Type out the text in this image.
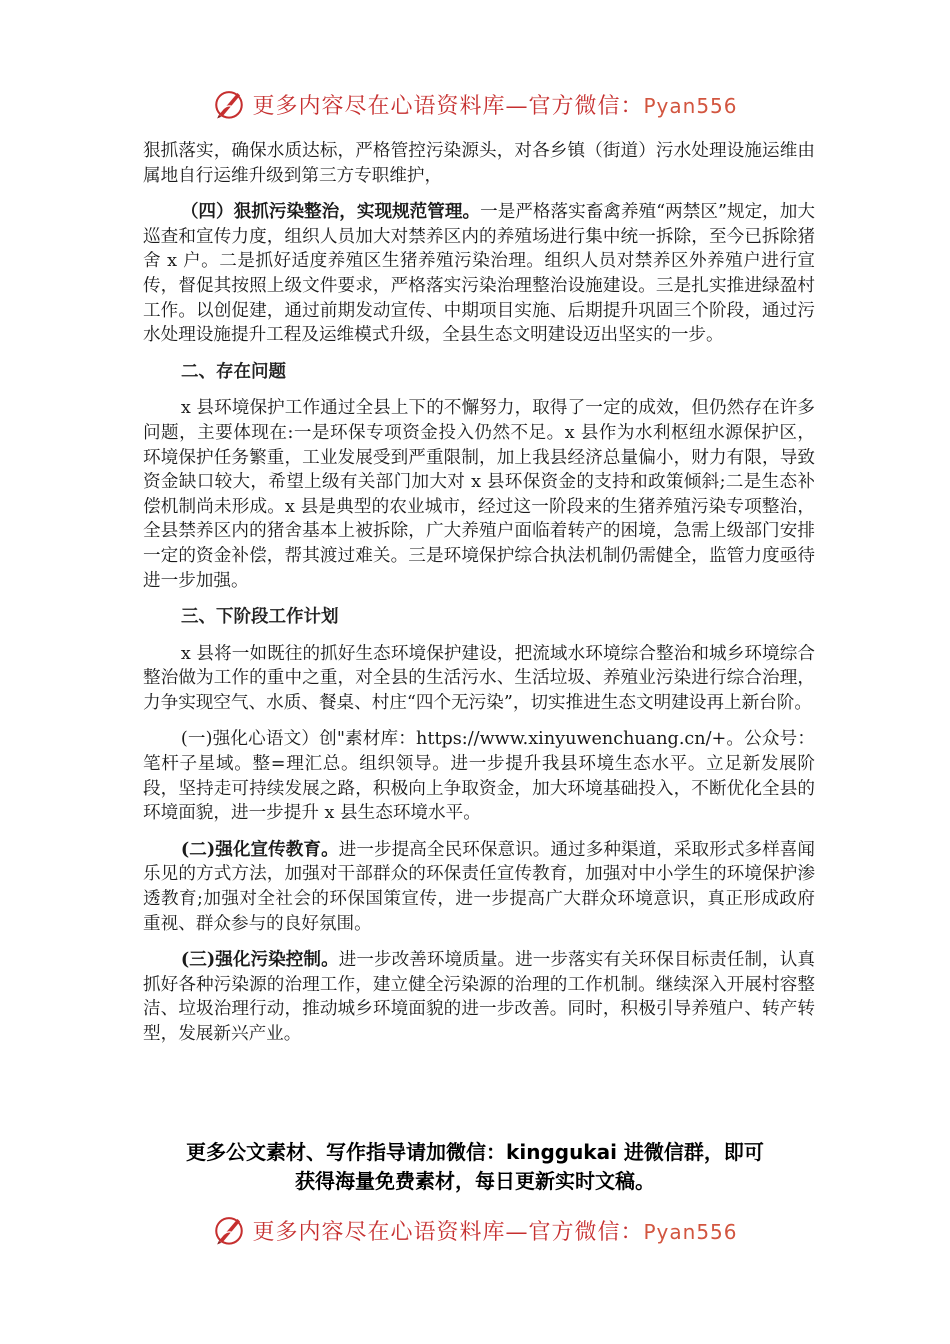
更多内容尽在心语资料库—官方微信：Pyan556

狠抓落实，确保水质达标，严格管控污染源头，对各乡镇（街道）污水处理设施运维由属地自行运维升级到第三方专职维护，

（四）狠抓污染整治，实现规范管理。一是严格落实畜禽养殖“两禁区”规定，加大巡查和宣传力度，组织人员加大对禁养区内的养殖场进行集中统一拆除，至今已拆除猪舍 x 户。二是抓好适度养殖区生猪养殖污染治理。组织人员对禁养区外养殖户进行宣传，督促其按照上级文件要求，严格落实污染治理整治设施建设。三是扎实推进绿盈村工作。以创促建，通过前期发动宣传、中期项目实施、后期提升巩固三个阶段，通过污水处理设施提升工程及运维模式升级，全县生态文明建设迈出坚实的一步。

二、存在问题

x 县环境保护工作通过全县上下的不懈努力，取得了一定的成效，但仍然存在许多问题，主要体现在:一是环保专项资金投入仍然不足。x 县作为水利枢纽水源保护区，环境保护任务繁重，工业发展受到严重限制，加上我县经济总量偏小，财力有限，导致资金缺口较大，希望上级有关部门加大对 x 县环保资金的支持和政策倾斜;二是生态补偿机制尚未形成。x 县是典型的农业城市，经过这一阶段来的生猪养殖污染专项整治，全县禁养区内的猪舍基本上被拆除，广大养殖户面临着转产的困境，急需上级部门安排一定的资金补偿，帮其渡过难关。三是环境保护综合执法机制仍需健全，监管力度亟待进一步加强。

三、下阶段工作计划

x 县将一如既往的抓好生态环境保护建设，把流域水环境综合整治和城乡环境综合整治做为工作的重中之重，对全县的生活污水、生活垃圾、养殖业污染进行综合治理，力争实现空气、水质、餐桌、村庄“四个无污染”，切实推进生态文明建设再上新台阶。

(一)强化心语文）创"素材库：https://www.xinyuwenchuang.cn/+。公众号：笔杆子星域。整=理汇总。组织领导。进一步提升我县环境生态水平。立足新发展阶段，坚持走可持续发展之路，积极向上争取资金，加大环境基础投入，不断优化全县的环境面貌，进一步提升 x 县生态环境水平。

(二)强化宣传教育。进一步提高全民环保意识。通过多种渠道，采取形式多样喜闻乐见的方式方法，加强对干部群众的环保责任宣传教育，加强对中小学生的环境保护渗透教育;加强对全社会的环保国策宣传，进一步提高广大群众环境意识，真正形成政府重视、群众参与的良好氛围。

(三)强化污染控制。进一步改善环境质量。进一步落实有关环保目标责任制，认真抓好各种污染源的治理工作，建立健全污染源的治理的工作机制。继续深入开展村容整洁、垃圾治理行动，推动城乡环境面貌的进一步改善。同时，积极引导养殖户、转产转型，发展新兴产业。

更多公文素材、写作指导请加微信：kinggukai 进微信群，即可
获得海量免费素材，每日更新实时文稿。
更多内容尽在心语资料库—官方微信：Pyan556
